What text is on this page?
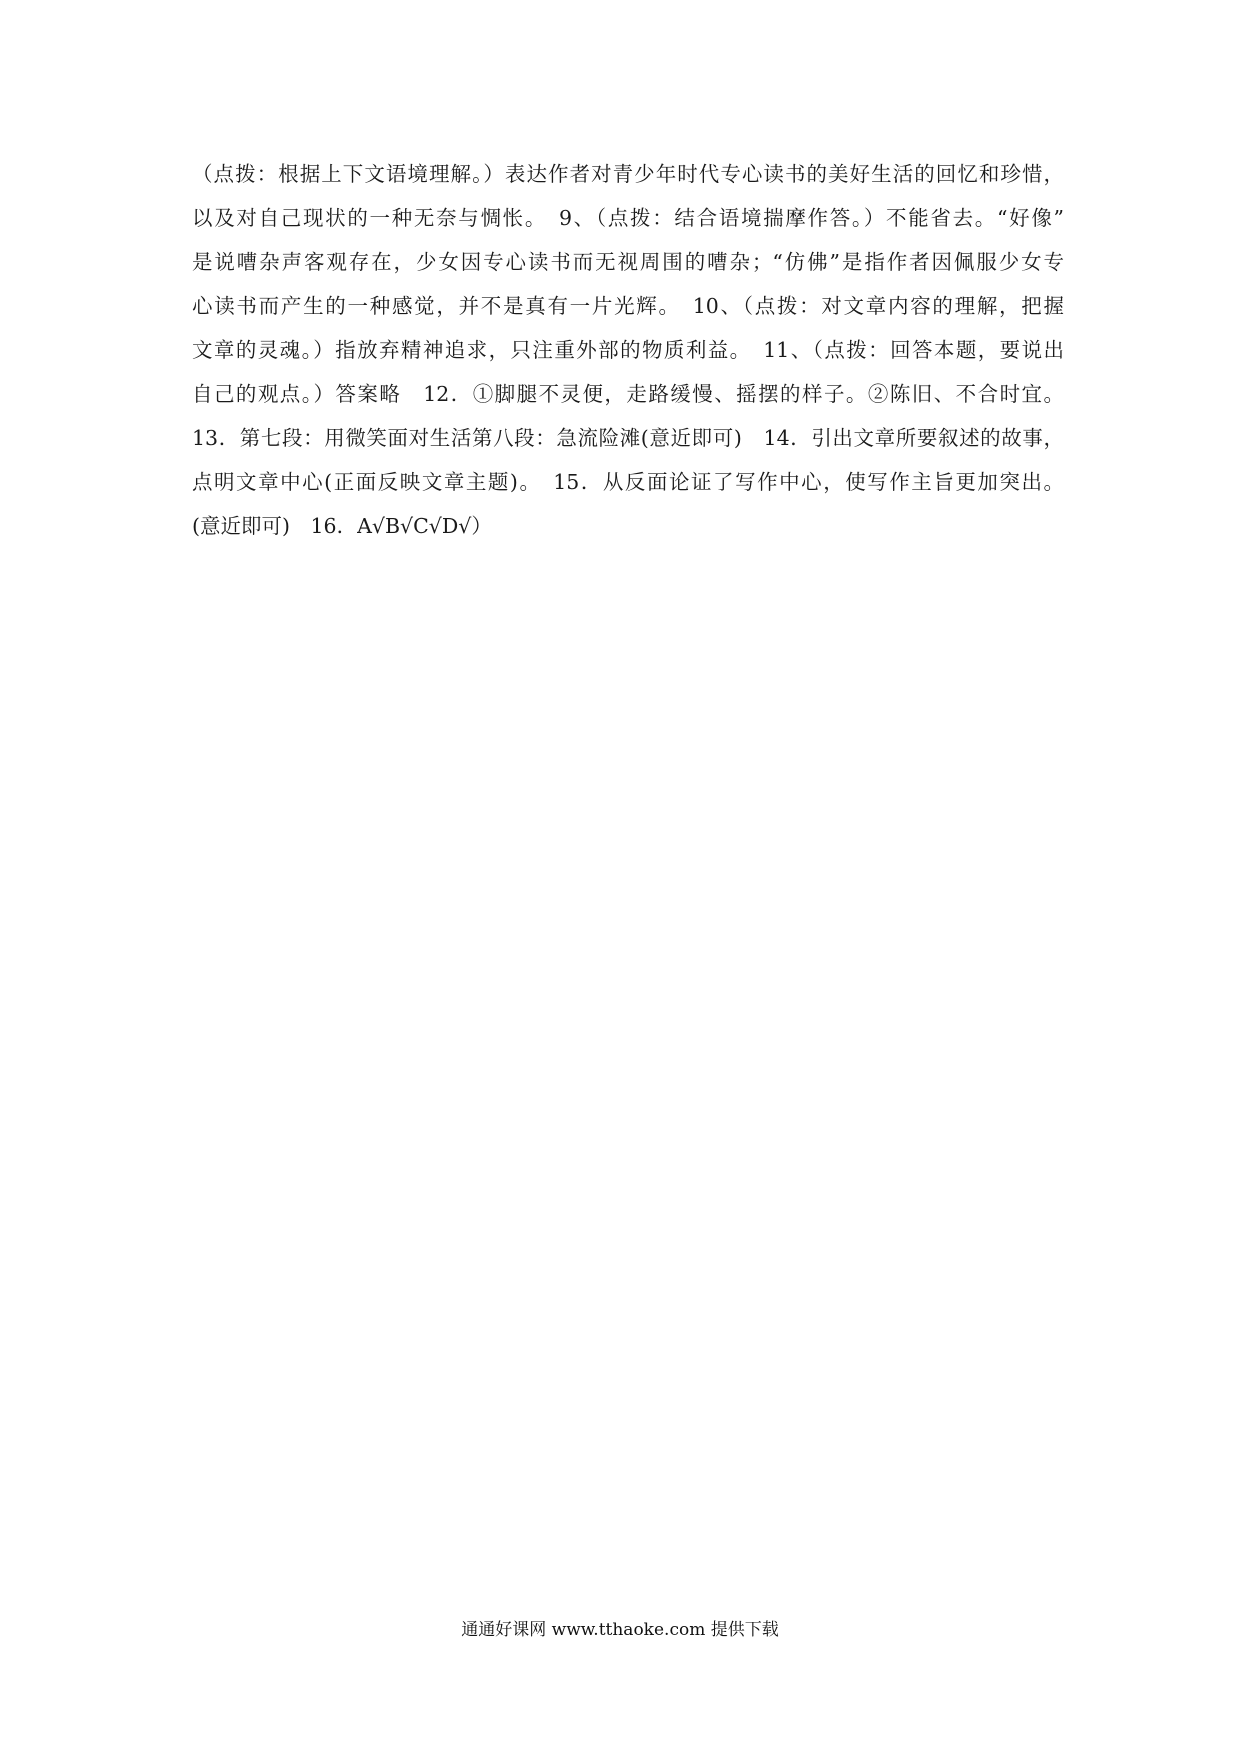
（点拨：根据上下文语境理解。）表达作者对青少年时代专心读书的美好生活的回忆和珍惜，
以及对自己现状的一种无奈与惆怅。　9、（点拨：结合语境揣摩作答。）不能省去。“好像”
是说嘈杂声客观存在，少女因专心读书而无视周围的嘈杂；“仿佛”是指作者因佩服少女专
心读书而产生的一种感觉，并不是真有一片光辉。　10、（点拨：对文章内容的理解，把握
文章的灵魂。）指放弃精神追求，只注重外部的物质利益。　11、（点拨：回答本题，要说出
自己的观点。）答案略　12．①脚腿不灵便，走路缓慢、摇摆的样子。②陈旧、不合时宜。
13．第七段：用微笑面对生活第八段：急流险滩(意近即可)　14．引出文章所要叙述的故事，
点明文章中心(正面反映文章主题)。　15．从反面论证了写作中心，使写作主旨更加突出。
(意近即可)　16．A√B√C√D√）
通通好课网 www.tthaoke.com 提供下载
